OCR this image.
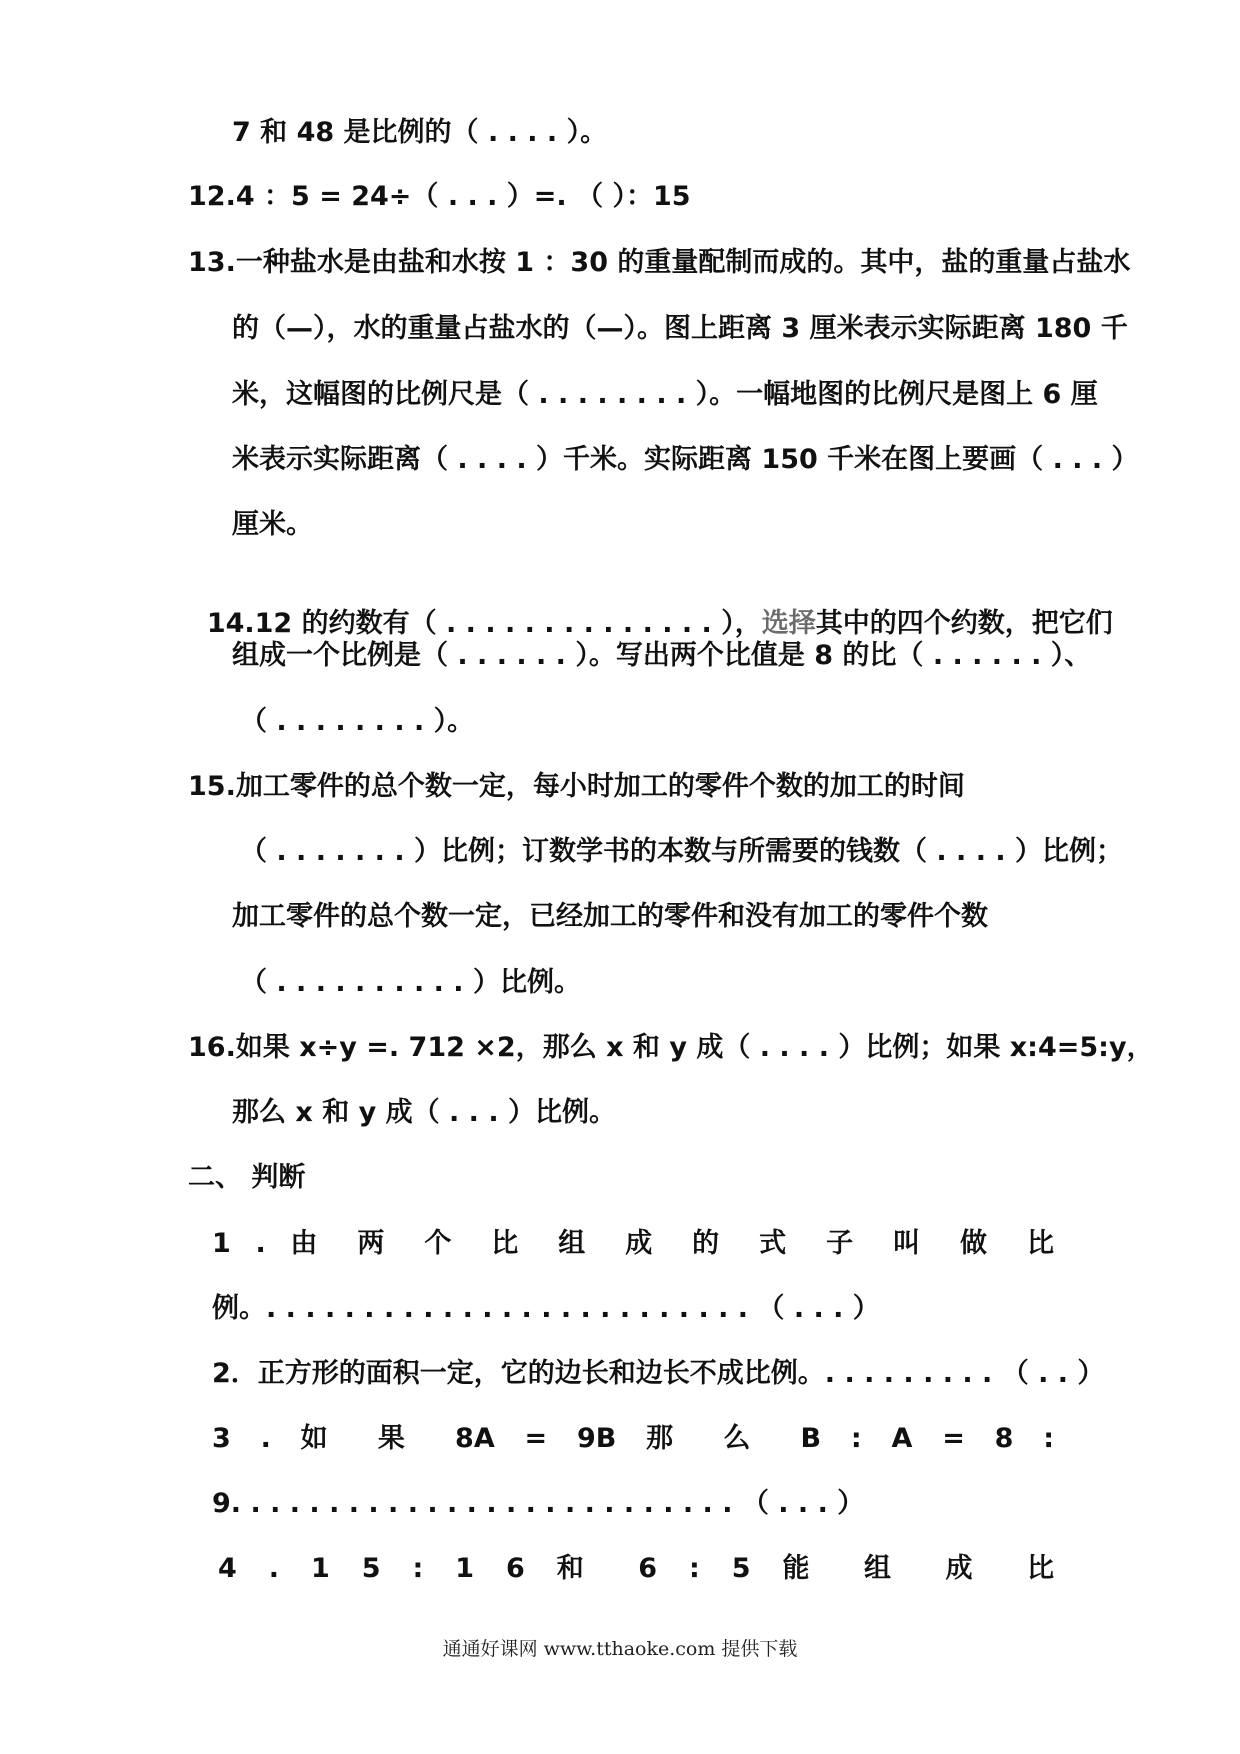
7 和 48 是比例的（ . . . . ）。
12.4 ：5 = 24÷（ . . . ）=. （ ）：15
13.一种盐水是由盐和水按 1 ：30 的重量配制而成的。其中，盐的重量占盐水
的（—），水的重量占盐水的（—）。图上距离 3 厘米表示实际距离 180 千
米，这幅图的比例尺是（ . . . . . . . . ）。一幅地图的比例尺是图上 6 厘
米表示实际距离（ . . . . ）千米。实际距离 150 千米在图上要画（ . . . ）
厘米。

14.12 的约数有（ . . . . . . . . . . . . . . ），选择其中的四个约数，把它们

组成一个比例是（ . . . . . . ）。写出两个比值是 8 的比（ . . . . . . ）、
（ . . . . . . . . ）。
15.加工零件的总个数一定，每小时加工的零件个数的加工的时间
（ . . . . . . . ）比例；订数学书的本数与所需要的钱数（ . . . . ）比例；
加工零件的总个数一定，已经加工的零件和没有加工的零件个数
（ . . . . . . . . . . ）比例。
16.如果 x÷y =. 712 ×2，那么 x 和 y 成（ . . . . ）比例；如果 x:4=5:y，
那么 x 和 y 成（ . . . ）比例。
二、 判断
1 . 由 两 个 比 组 成 的 式 子 叫 做 比
例。. . . . . . . . . . . . . . . . . . . . . . . . . （ . . . ）
2．正方形的面积一定，它的边长和边长不成比例。. . . . . . . . . （ . . ）
3 . 如 果 8A = 9B 那 么 B : A = 8 :
9. . . . . . . . . . . . . . . . . . . . . . . . . . （ . . . ）
4 . 1 5 : 1 6 和 6 : 5 能 组 成 比
通通好课网 www.tthaoke.com 提供下载
